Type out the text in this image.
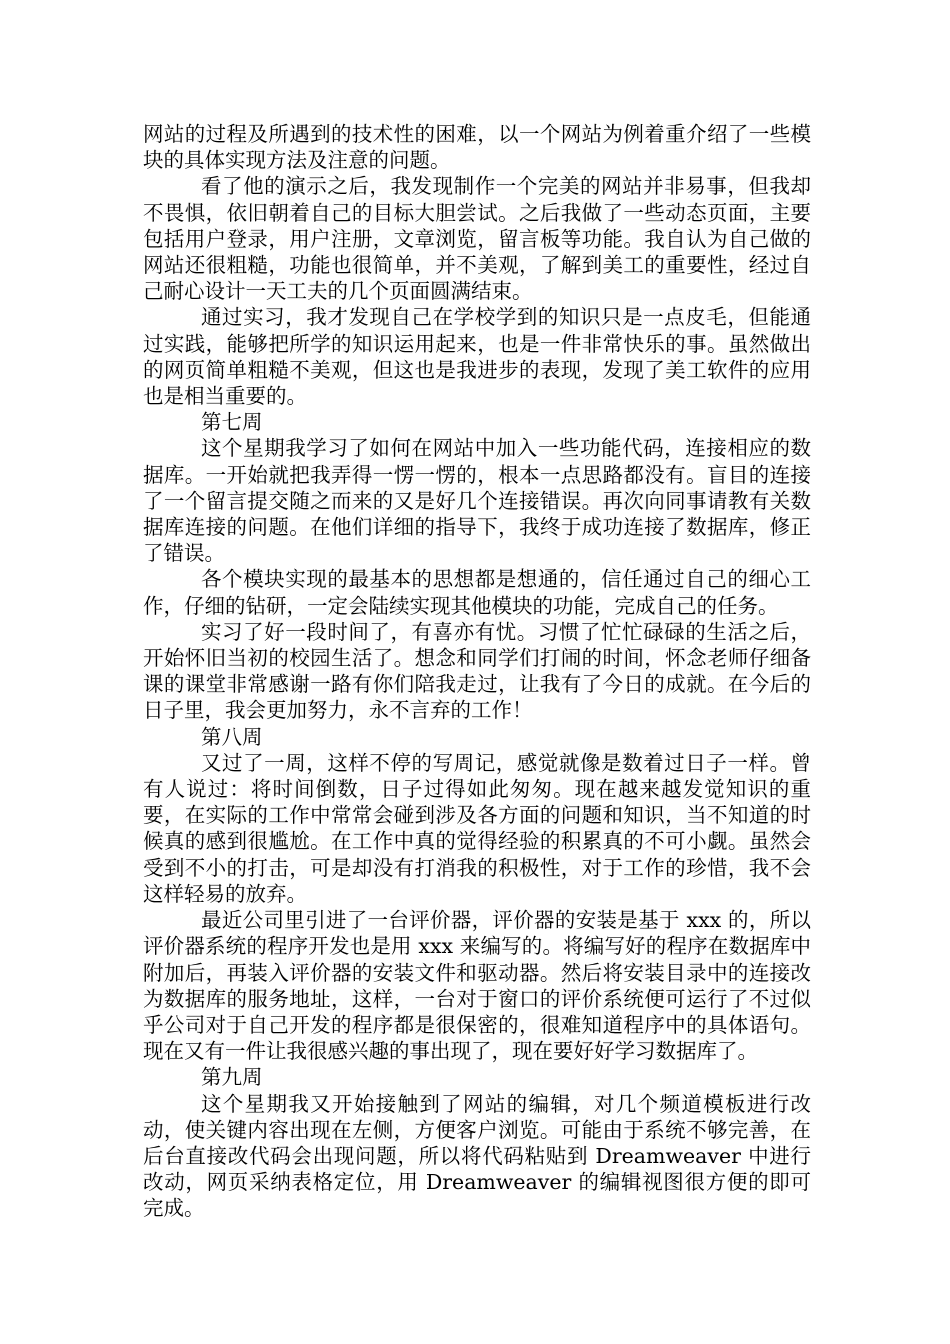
网站的过程及所遇到的技术性的困难，以一个网站为例着重介绍了一些模块的具体实现方法及注意的问题。

看了他的演示之后，我发现制作一个完美的网站并非易事，但我却不畏惧，依旧朝着自己的目标大胆尝试。之后我做了一些动态页面，主要包括用户登录，用户注册，文章浏览，留言板等功能。我自认为自己做的网站还很粗糙，功能也很简单，并不美观，了解到美工的重要性，经过自己耐心设计一天工夫的几个页面圆满结束。

通过实习，我才发现自己在学校学到的知识只是一点皮毛，但能通过实践，能够把所学的知识运用起来，也是一件非常快乐的事。虽然做出的网页简单粗糙不美观，但这也是我进步的表现，发现了美工软件的应用也是相当重要的。

第七周

这个星期我学习了如何在网站中加入一些功能代码，连接相应的数据库。一开始就把我弄得一愣一愣的，根本一点思路都没有。盲目的连接了一个留言提交随之而来的又是好几个连接错误。再次向同事请教有关数据库连接的问题。在他们详细的指导下，我终于成功连接了数据库，修正了错误。

各个模块实现的最基本的思想都是想通的，信任通过自己的细心工作，仔细的钻研，一定会陆续实现其他模块的功能，完成自己的任务。

实习了好一段时间了，有喜亦有忧。习惯了忙忙碌碌的生活之后，开始怀旧当初的校园生活了。想念和同学们打闹的时间，怀念老师仔细备课的课堂非常感谢一路有你们陪我走过，让我有了今日的成就。在今后的日子里，我会更加努力，永不言弃的工作！

第八周

又过了一周，这样不停的写周记，感觉就像是数着过日子一样。曾有人说过：将时间倒数，日子过得如此匆匆。现在越来越发觉知识的重要，在实际的工作中常常会碰到涉及各方面的问题和知识，当不知道的时候真的感到很尴尬。在工作中真的觉得经验的积累真的不可小觑。虽然会受到不小的打击，可是却没有打消我的积极性，对于工作的珍惜，我不会这样轻易的放弃。

最近公司里引进了一台评价器，评价器的安装是基于 xxx 的，所以评价器系统的程序开发也是用 xxx 来编写的。将编写好的程序在数据库中附加后，再装入评价器的安装文件和驱动器。然后将安装目录中的连接改为数据库的服务地址，这样，一台对于窗口的评价系统便可运行了不过似乎公司对于自己开发的程序都是很保密的，很难知道程序中的具体语句。现在又有一件让我很感兴趣的事出现了，现在要好好学习数据库了。

第九周

这个星期我又开始接触到了网站的编辑，对几个频道模板进行改动，使关键内容出现在左侧，方便客户浏览。可能由于系统不够完善，在后台直接改代码会出现问题，所以将代码粘贴到 Dreamweaver 中进行改动，网页采纳表格定位，用 Dreamweaver 的编辑视图很方便的即可完成。
